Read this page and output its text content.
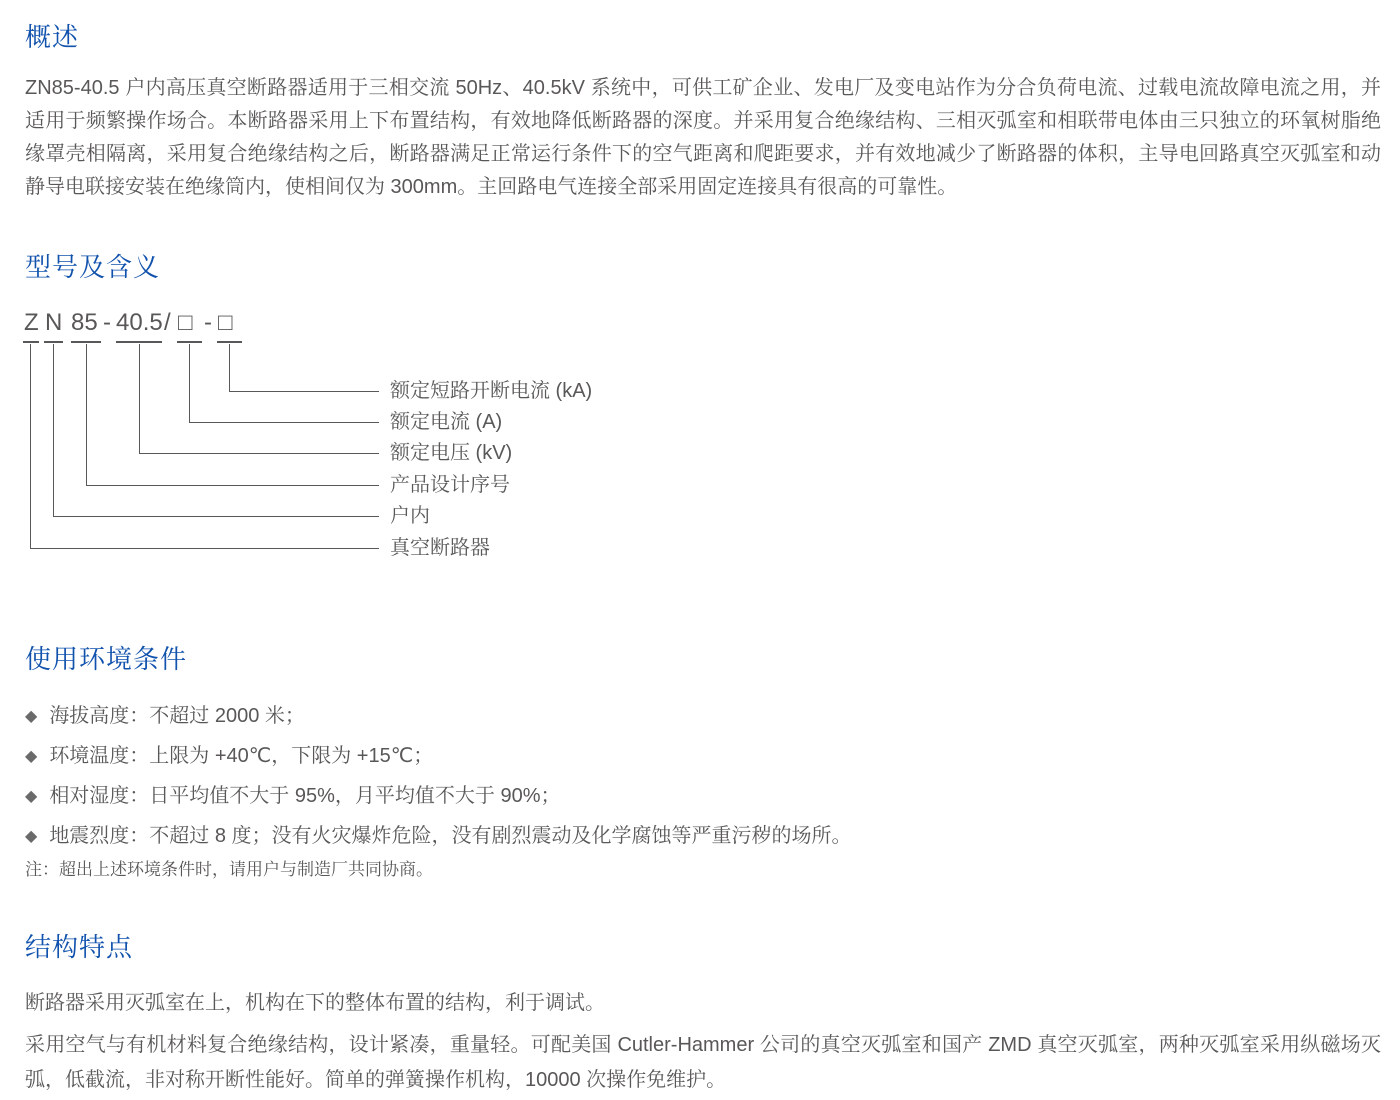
概述

ZN85-40.5 户内高压真空断路器适用于三相交流 50Hz、40.5kV 系统中，可供工矿企业、发电厂及变电站作为分合负荷电流、过载电流故障电流之用，并适用于频繁操作场合。本断路器采用上下布置结构，有效地降低断路器的深度。并采用复合绝缘结构、三相灭弧室和相联带电体由三只独立的环氧树脂绝缘罩壳相隔离，采用复合绝缘结构之后，断路器满足正常运行条件下的空气距离和爬距要求，并有效地减少了断路器的体积，主导电回路真空灭弧室和动静导电联接安装在绝缘筒内，使相间仅为 300mm。主回路电气连接全部采用固定连接具有很高的可靠性。

型号及含义
Z N 85 - 40.5 / □ - □
额定短路开断电流 (kA)
额定电流 (A)
额定电压 (kV)
产品设计序号
户内
真空断路器
使用环境条件
◆ 海拔高度：不超过 2000 米；
◆ 环境温度：上限为 +40℃，下限为 +15℃；
◆ 相对湿度：日平均值不大于 95%，月平均值不大于 90%；
◆ 地震烈度：不超过 8 度；没有火灾爆炸危险，没有剧烈震动及化学腐蚀等严重污秽的场所。

注：超出上述环境条件时，请用户与制造厂共同协商。

结构特点

断路器采用灭弧室在上，机构在下的整体布置的结构，利于调试。

采用空气与有机材料复合绝缘结构，设计紧凑，重量轻。可配美国 Cutler-Hammer 公司的真空灭弧室和国产 ZMD 真空灭弧室，两种灭弧室采用纵磁场灭弧，低截流，非对称开断性能好。简单的弹簧操作机构，10000 次操作免维护。
